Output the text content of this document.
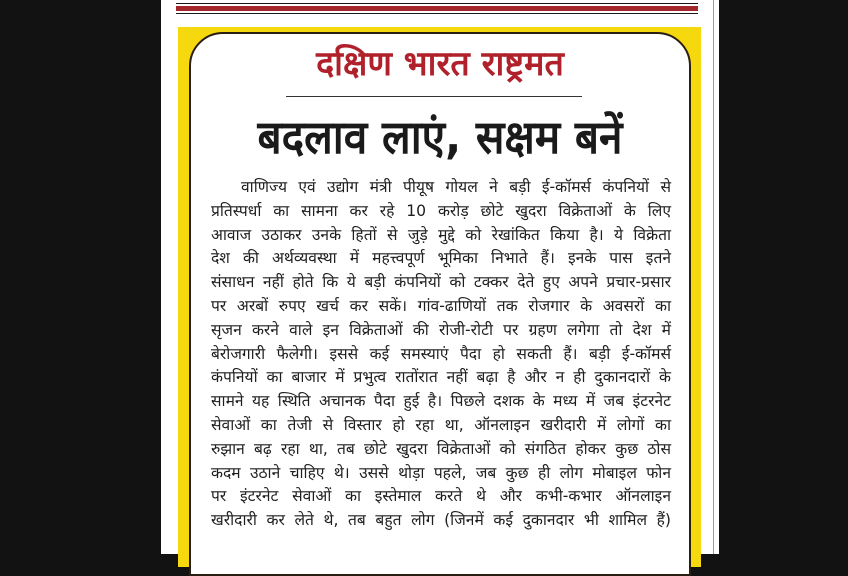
दक्षिण भारत राष्ट्रमत
बदलाव लाएं, सक्षम बनें
वाणिज्य एवं उद्योग मंत्री पीयूष गोयल ने बड़ी ई-कॉमर्स कंपनियों से
प्रतिस्पर्धा का सामना कर रहे 10 करोड़ छोटे खुदरा विक्रेताओं के लिए
आवाज उठाकर उनके हितों से जुड़े मुद्दे को रेखांकित किया है। ये विक्रेता
देश की अर्थव्यवस्था में महत्त्वपूर्ण भूमिका निभाते हैं। इनके पास इतने
संसाधन नहीं होते कि ये बड़ी कंपनियों को टक्कर देते हुए अपने प्रचार-प्रसार
पर अरबों रुपए खर्च कर सकें। गांव-ढाणियों तक रोजगार के अवसरों का
सृजन करने वाले इन विक्रेताओं की रोजी-रोटी पर ग्रहण लगेगा तो देश में
बेरोजगारी फैलेगी। इससे कई समस्याएं पैदा हो सकती हैं। बड़ी ई-कॉमर्स
कंपनियों का बाजार में प्रभुत्व रातोंरात नहीं बढ़ा है और न ही दुकानदारों के
सामने यह स्थिति अचानक पैदा हुई है। पिछले दशक के मध्य में जब इंटरनेट
सेवाओं का तेजी से विस्तार हो रहा था, ऑनलाइन खरीदारी में लोगों का
रुझान बढ़ रहा था, तब छोटे खुदरा विक्रेताओं को संगठित होकर कुछ ठोस
कदम उठाने चाहिए थे। उससे थोड़ा पहले, जब कुछ ही लोग मोबाइल फोन
पर इंटरनेट सेवाओं का इस्तेमाल करते थे और कभी-कभार ऑनलाइन
खरीदारी कर लेते थे, तब बहुत लोग (जिनमें कई दुकानदार भी शामिल हैं)
